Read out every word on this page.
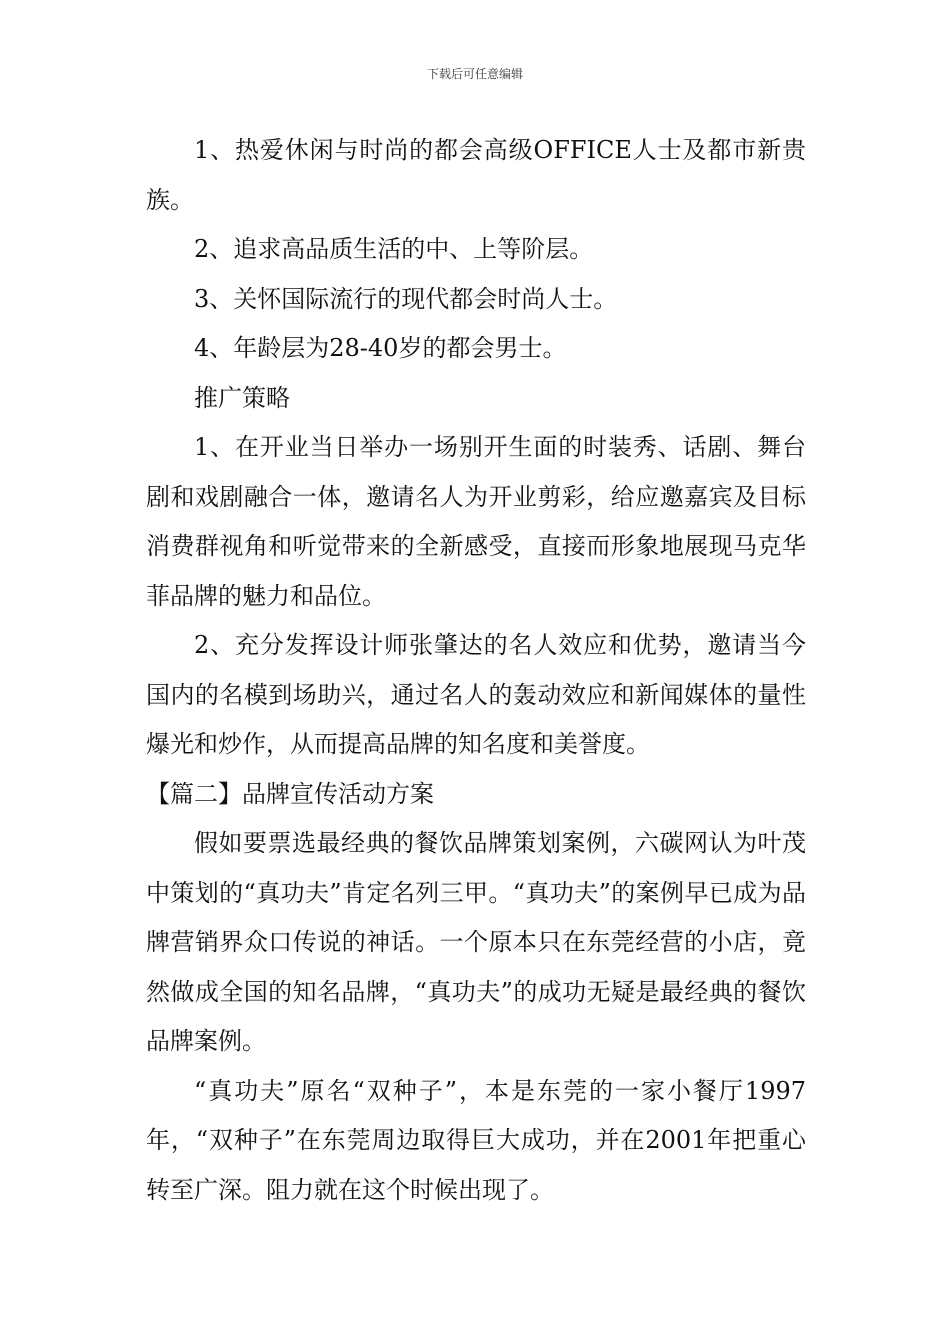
下载后可任意编辑

1、热爱休闲与时尚的都会高级OFFICE人士及都市新贵族。

2、追求高品质生活的中、上等阶层。

3、关怀国际流行的现代都会时尚人士。

4、年龄层为28-40岁的都会男士。

推广策略

1、在开业当日举办一场别开生面的时装秀、话剧、舞台剧和戏剧融合一体，邀请名人为开业剪彩，给应邀嘉宾及目标消费群视角和听觉带来的全新感受，直接而形象地展现马克华菲品牌的魅力和品位。

2、充分发挥设计师张肇达的名人效应和优势，邀请当今国内的名模到场助兴，通过名人的轰动效应和新闻媒体的量性爆光和炒作，从而提高品牌的知名度和美誉度。

【篇二】品牌宣传活动方案

假如要票选最经典的餐饮品牌策划案例，六碳网认为叶茂中策划的“真功夫”肯定名列三甲。“真功夫”的案例早已成为品牌营销界众口传说的神话。一个原本只在东莞经营的小店，竟然做成全国的知名品牌，“真功夫”的成功无疑是最经典的餐饮品牌案例。

“真功夫”原名“双种子”，本是东莞的一家小餐厅1997年，“双种子”在东莞周边取得巨大成功，并在2001年把重心转至广深。阻力就在这个时候出现了。
